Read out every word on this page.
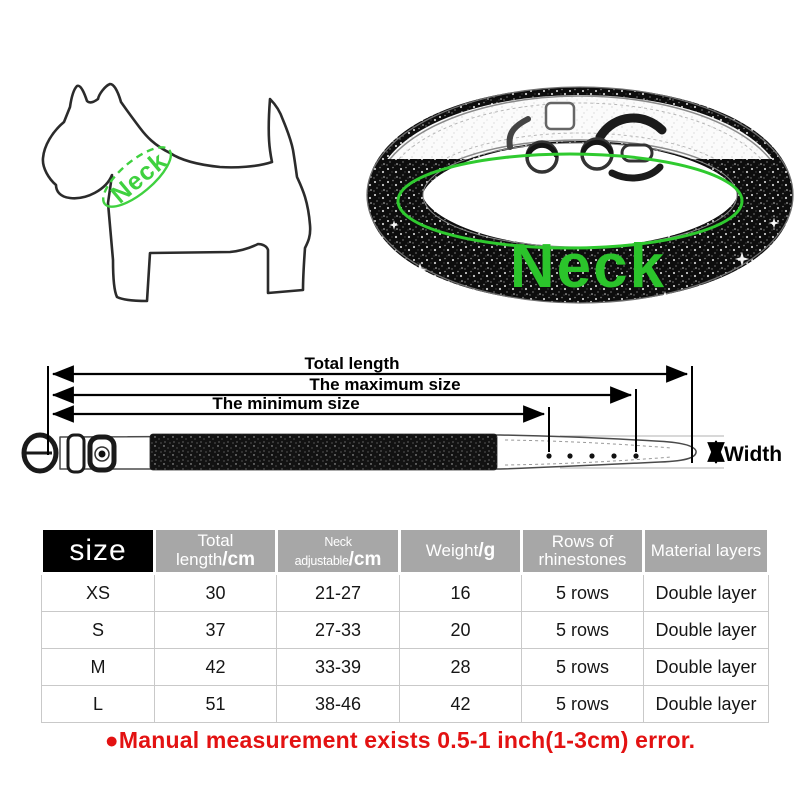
Neck
Neck
Total length
The maximum size
The minimum size
Width
size	Total length/cm	Neck adjustable/cm	Weight/g	Rows of rhinestones	Material layers
XS	30	21-27	16	5 rows	Double layer
S	37	27-33	20	5 rows	Double layer
M	42	33-39	28	5 rows	Double layer
L	51	38-46	42	5 rows	Double layer
●Manual measurement exists 0.5-1 inch(1-3cm) error.
